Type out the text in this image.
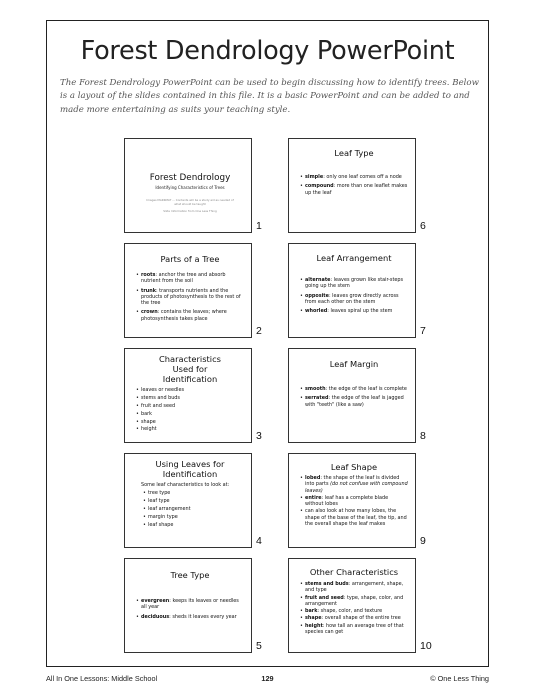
Forest Dendrology PowerPoint
The Forest Dendrology PowerPoint can be used to begin discussing how to identify trees. Below is a layout of the slides contained in this file. It is a basic PowerPoint and can be added to and made more entertaining as suits your teaching style.
Forest Dendrology
Identifying Characteristics of Trees
Images MARKMAT ... Contents will be a study aid as needed of what should be taught
Slide Information from One Less Thing
1
Parts of a Tree
• roots: anchor the tree and absorb nutrient from the soil
• trunk: transports nutrients and the products of photosynthesis to the rest of the tree
• crown: contains the leaves; where photosynthesis takes place
2
Characteristics Used for Identification
• leaves or needles
• stems and buds
• fruit and seed
• bark
• shape
• height
3
Using Leaves for Identification
Some leaf characteristics to look at:
• tree type
• leaf type
• leaf arrangement
• margin type
• leaf shape
4
Tree Type
• evergreen: keeps its leaves or needles all year
• deciduous: sheds it leaves every year
5
Leaf Type
• simple: only one leaf comes off a node
• compound: more than one leaflet makes up the leaf
6
Leaf Arrangement
• alternate: leaves grown like stair-steps going up the stem
• opposite: leaves grow directly across from each other on the stem
• whorled: leaves spiral up the stem
7
Leaf Margin
• smooth: the edge of the leaf is complete
• serrated: the edge of the leaf is jagged with "teeth" (like a saw)
8
Leaf Shape
• lobed: the shape of the leaf is divided into parts (do not confuse with compound leaves)
• entire: leaf has a complete blade without lobes
• can also look at how many lobes, the shape of the base of the leaf, the tip, and the overall shape the leaf makes
9
Other Characteristics
• stems and buds: arrangement, shape, and type
• fruit and seed: type, shape, color, and arrangement
• bark: shape, color, and texture
• shape: overall shape of the entire tree
• height: how tall an average tree of that species can get
10
All In One Lessons: Middle School	129	© One Less Thing
